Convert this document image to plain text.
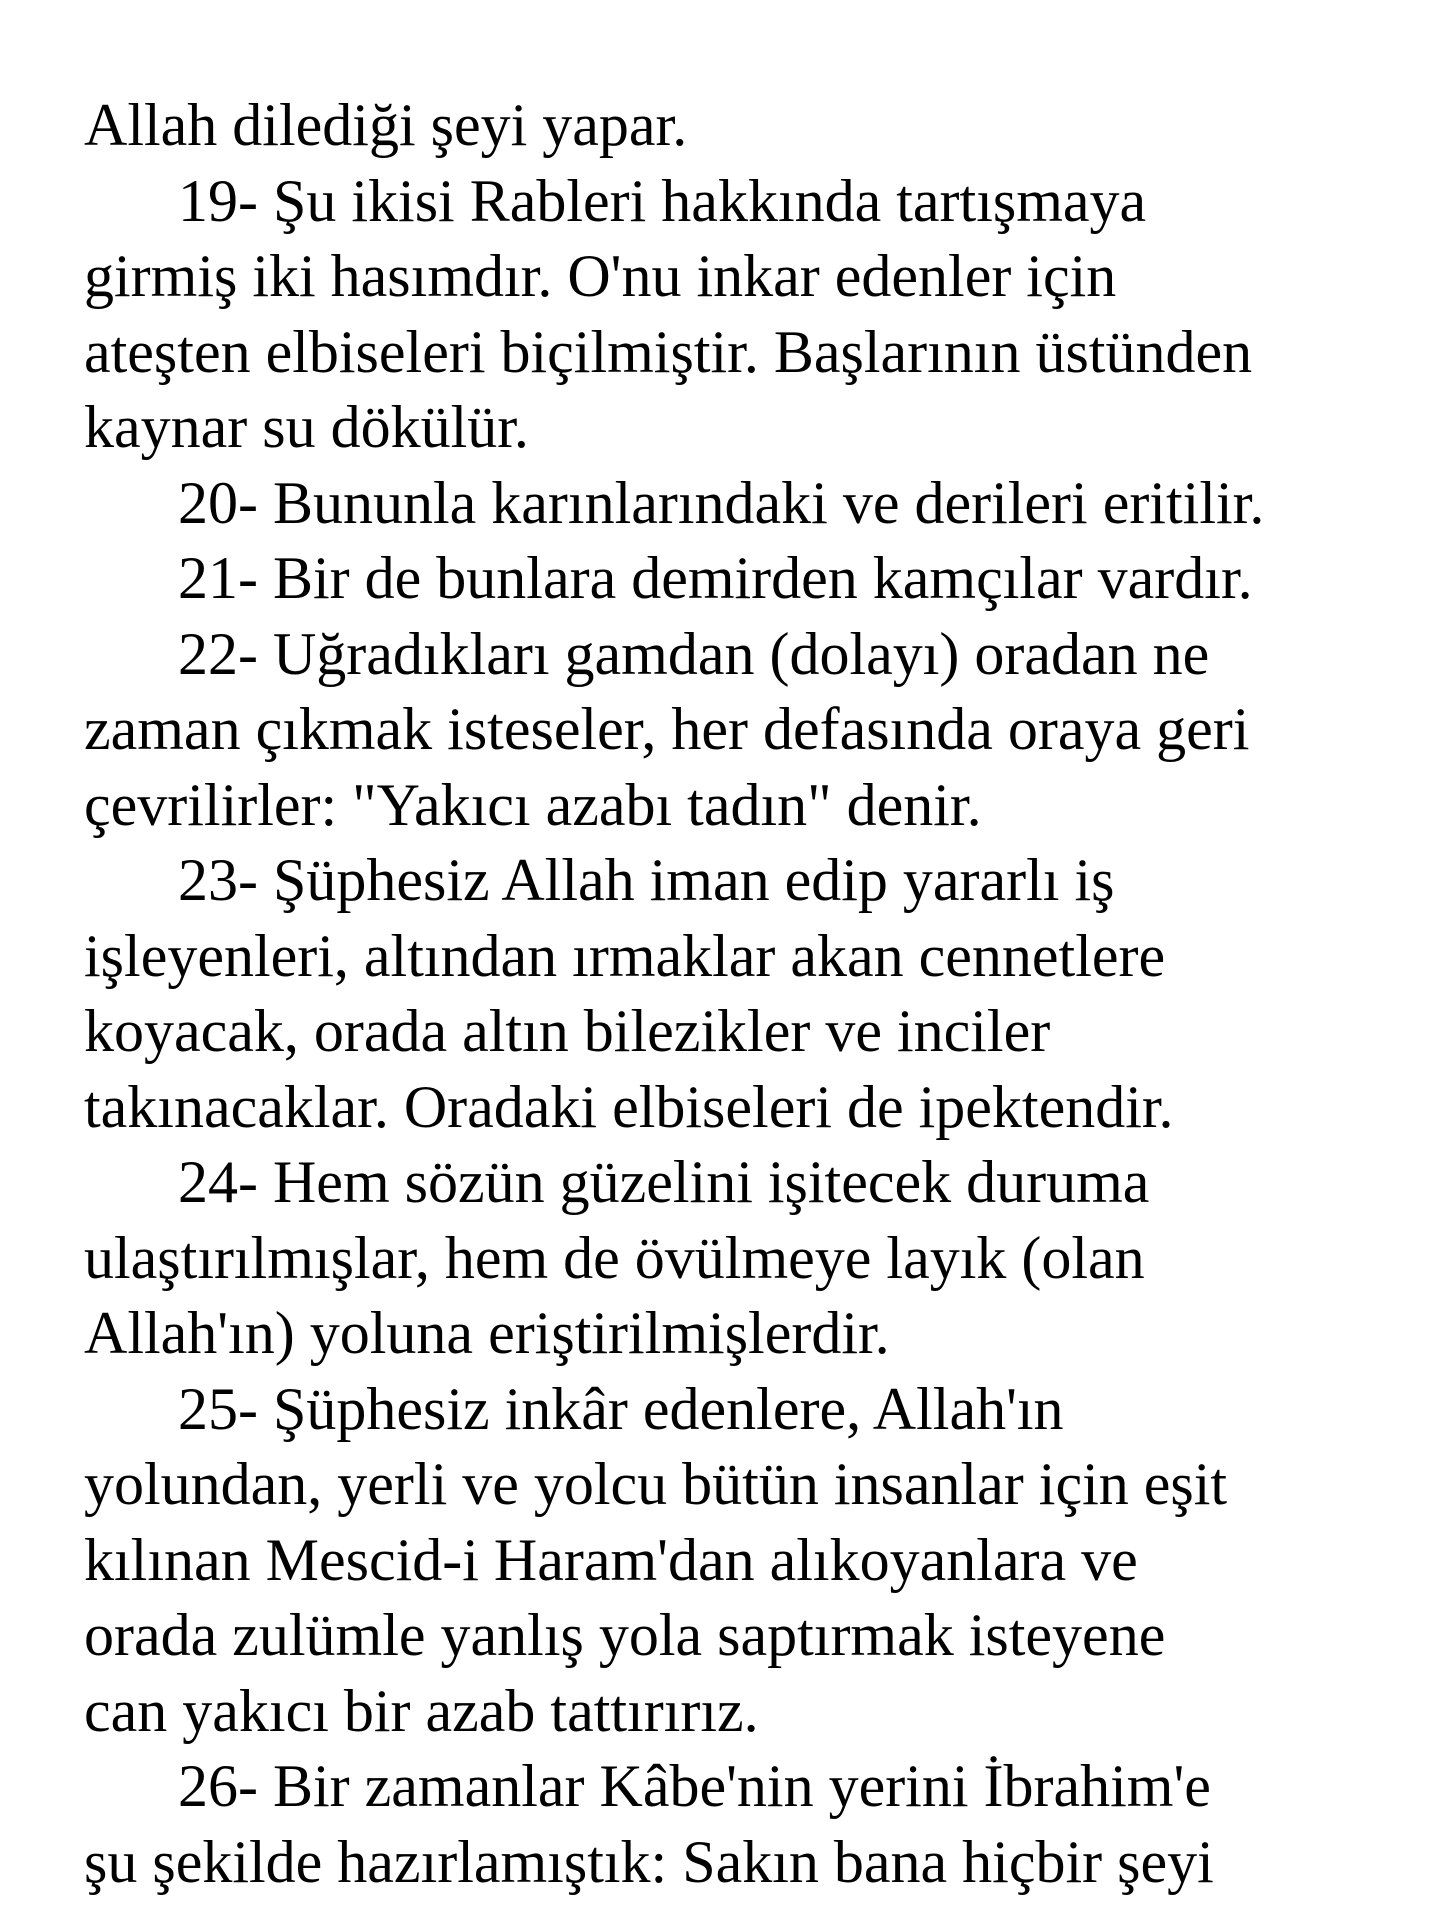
Allah dilediği şeyi yapar.
19- Şu ikisi Rableri hakkında tartışmaya
girmiş iki hasımdır. O'nu inkar edenler için
ateşten elbiseleri biçilmiştir. Başlarının üstünden
kaynar su dökülür.
20- Bununla karınlarındaki ve derileri eritilir.
21- Bir de bunlara demirden kamçılar vardır.
22- Uğradıkları gamdan (dolayı) oradan ne
zaman çıkmak isteseler, her defasında oraya geri
çevrilirler: "Yakıcı azabı tadın" denir.
23- Şüphesiz Allah iman edip yararlı iş
işleyenleri, altından ırmaklar akan cennetlere
koyacak, orada altın bilezikler ve inciler
takınacaklar. Oradaki elbiseleri de ipektendir.
24- Hem sözün güzelini işitecek duruma
ulaştırılmışlar, hem de övülmeye layık (olan
Allah'ın) yoluna eriştirilmişlerdir.
25- Şüphesiz inkâr edenlere, Allah'ın
yolundan, yerli ve yolcu bütün insanlar için eşit
kılınan Mescid-i Haram'dan alıkoyanlara ve
orada zulümle yanlış yola saptırmak isteyene
can yakıcı bir azab tattırırız.
26- Bir zamanlar Kâbe'nin yerini İbrahim'e
şu şekilde hazırlamıştık: Sakın bana hiçbir şeyi
